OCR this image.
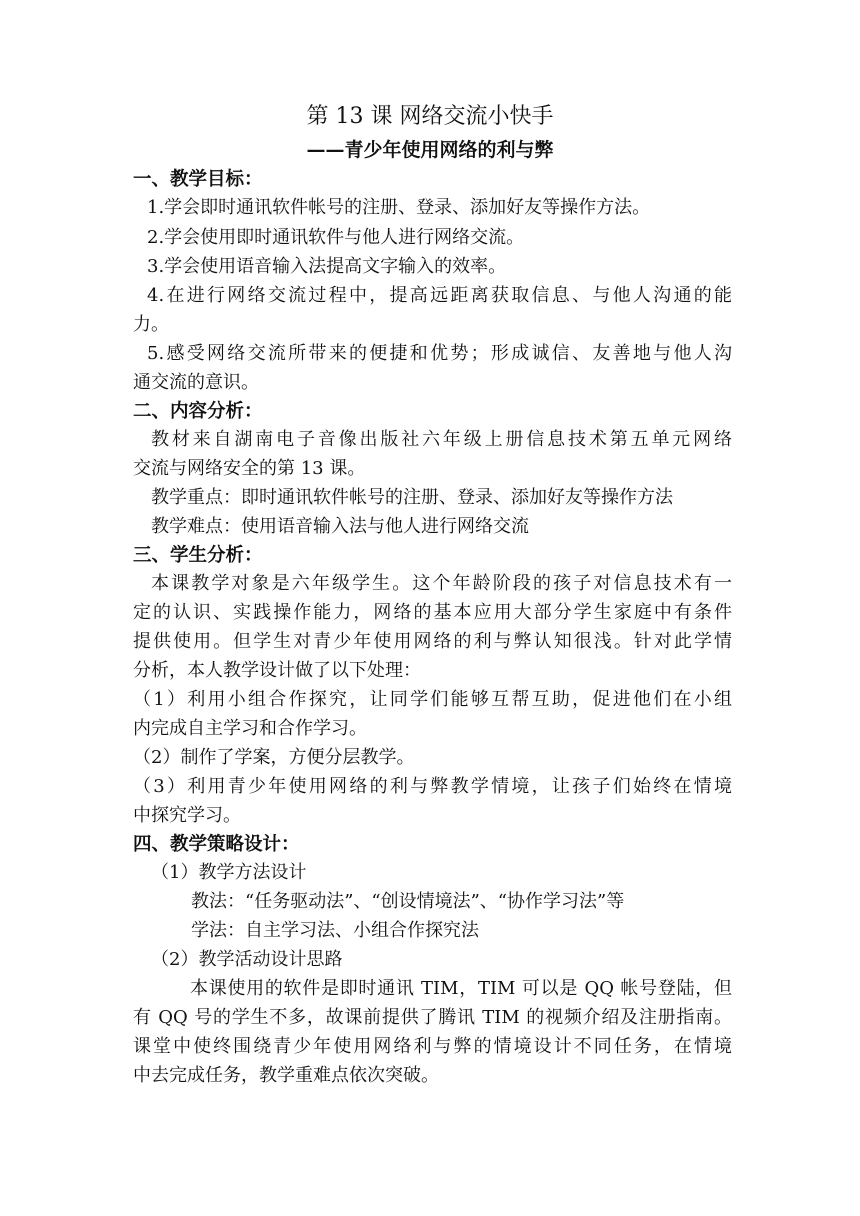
第 13 课 网络交流小快手
——青少年使用网络的利与弊
一、教学目标：
1.学会即时通讯软件帐号的注册、登录、添加好友等操作方法。
2.学会使用即时通讯软件与他人进行网络交流。
3.学会使用语音输入法提高文字输入的效率。
4.在进行网络交流过程中，提高远距离获取信息、与他人沟通的能
力。
5.感受网络交流所带来的便捷和优势；形成诚信、友善地与他人沟
通交流的意识。
二、内容分析：
教材来自湖南电子音像出版社六年级上册信息技术第五单元网络
交流与网络安全的第 13 课。
教学重点：即时通讯软件帐号的注册、登录、添加好友等操作方法
教学难点：使用语音输入法与他人进行网络交流
三、学生分析：
本课教学对象是六年级学生。这个年龄阶段的孩子对信息技术有一
定的认识、实践操作能力，网络的基本应用大部分学生家庭中有条件
提供使用。但学生对青少年使用网络的利与弊认知很浅。针对此学情
分析，本人教学设计做了以下处理：
（1）利用小组合作探究，让同学们能够互帮互助，促进他们在小组
内完成自主学习和合作学习。
（2）制作了学案，方便分层教学。
（3）利用青少年使用网络的利与弊教学情境，让孩子们始终在情境
中探究学习。
四、教学策略设计：
（1）教学方法设计
教法：“任务驱动法”、“创设情境法”、“协作学习法”等
学法：自主学习法、小组合作探究法
（2）教学活动设计思路
本课使用的软件是即时通讯 TIM，TIM 可以是 QQ 帐号登陆，但
有 QQ 号的学生不多，故课前提供了腾讯 TIM 的视频介绍及注册指南。
课堂中使终围绕青少年使用网络利与弊的情境设计不同任务，在情境
中去完成任务，教学重难点依次突破。
